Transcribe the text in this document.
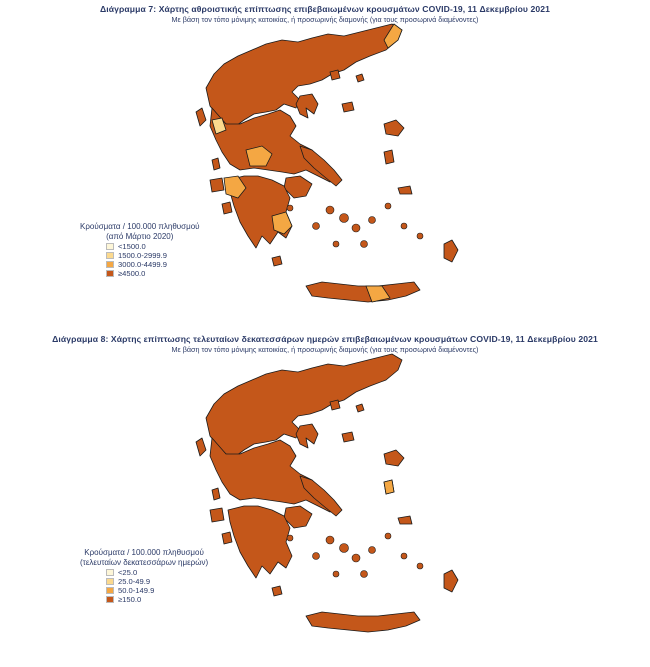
Διάγραμμα 7: Χάρτης αθροιστικής επίπτωσης επιβεβαιωμένων κρουσμάτων COVID-19, 11 Δεκεμβρίου 2021
Με βάση τον τόπο μόνιμης κατοικίας, ή προσωρινής διαμονής (για τους προσωρινά διαμένοντες)
Κρούσματα / 100.000 πληθυσμού
(από Μάρτιο 2020)
<1500.0
1500.0-2999.9
3000.0-4499.9
≥4500.0
Διάγραμμα 8: Χάρτης επίπτωσης τελευταίων δεκατεσσάρων ημερών επιβεβαιωμένων κρουσμάτων COVID-19, 11 Δεκεμβρίου 2021
Με βάση τον τόπο μόνιμης κατοικίας, ή προσωρινής διαμονής (για τους προσωρινά διαμένοντες)
Κρούσματα / 100.000 πληθυσμού
(τελευταίων δεκατεσσάρων ημερών)
<25.0
25.0-49.9
50.0-149.9
≥150.0
